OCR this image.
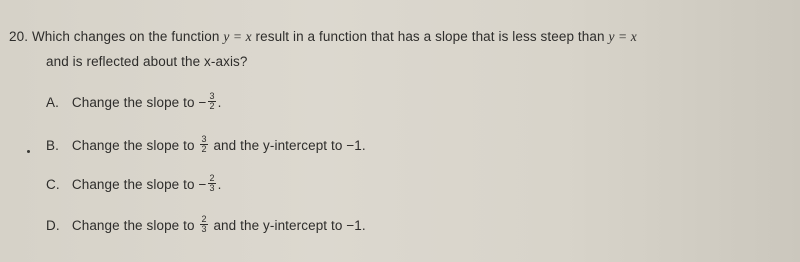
20. Which changes on the function y = x result in a function that has a slope that is less steep than y = x
and is reflected about the x-axis?
A. Change the slope to − $\frac{3}{2}$ .
B. Change the slope to $\frac{3}{2}$ and the y-intercept to −1.
C. Change the slope to − $\frac{2}{3}$ .
D. Change the slope to $\frac{2}{3}$ and the y-intercept to −1.
